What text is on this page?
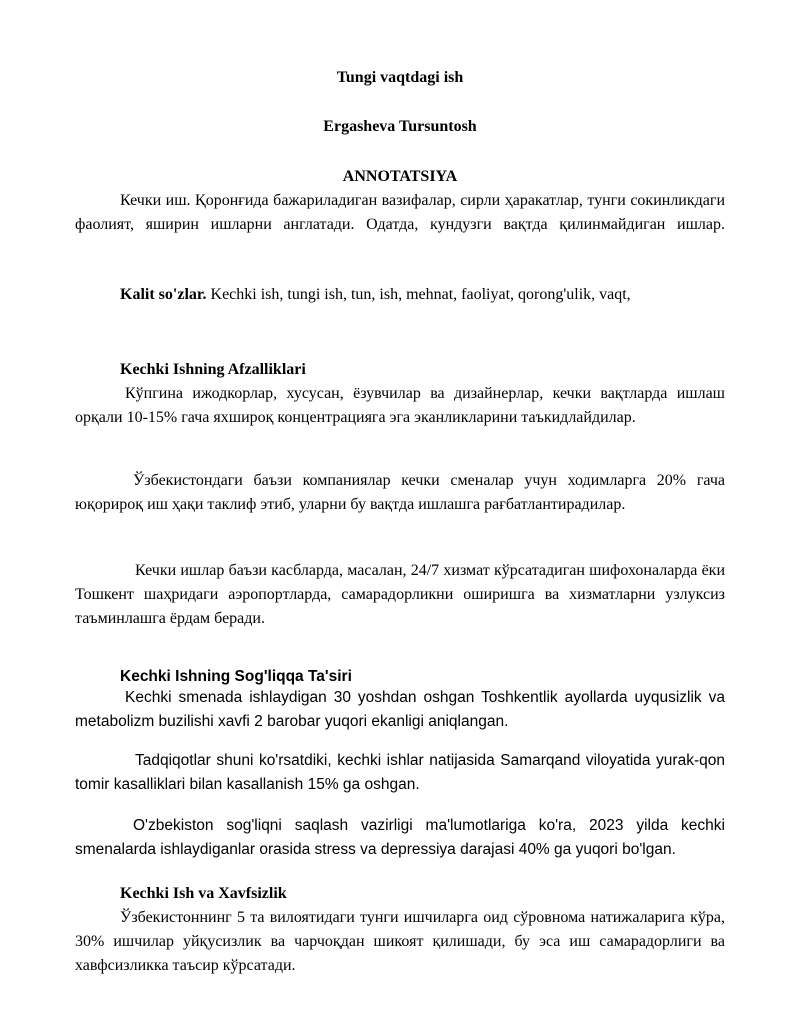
Tungi vaqtdagi ish
Ergasheva Tursuntosh
ANNOTATSIYA
Кечки иш. Қоронғида бажариладиган вазифалар, сирли ҳаракатлар, тунги сокинликдаги фаолият, яширин ишларни англатади. Одатда, кундузги вақтда қилинмайдиган ишлар.
Kalit so'zlar. Kechki ish, tungi ish, tun, ish, mehnat, faoliyat, qorong'ulik, vaqt,
Kechki Ishning Afzalliklari
Кўпгина ижодкорлар, хусусан, ёзувчилар ва дизайнерлар, кечки вақтларда ишлаш орқали 10-15% гача яхшироқ концентрацияга эга эканликларини таъкидлайдилар.
Ўзбекистондаги баъзи компаниялар кечки сменалар учун ходимларга 20% гача юқорироқ иш ҳақи таклиф этиб, уларни бу вақтда ишлашга рағбатлантирадилар.
Кечки ишлар баъзи касбларда, масалан, 24/7 хизмат кўрсатадиган шифохоналарда ёки Тошкент шаҳридаги аэропортларда, самарадорликни оширишга ва хизматларни узлуксиз таъминлашга ёрдам беради.
Kechki Ishning Sog'liqqa Ta'siri
Kechki smenada ishlaydigan 30 yoshdan oshgan Toshkentlik ayollarda uyqusizlik va metabolizm buzilishi xavfi 2 barobar yuqori ekanligi aniqlangan.
Tadqiqotlar shuni ko'rsatdiki, kechki ishlar natijasida Samarqand viloyatida yurak-qon tomir kasalliklari bilan kasallanish 15% ga oshgan.
O'zbekiston sog'liqni saqlash vazirligi ma'lumotlariga ko'ra, 2023 yilda kechki smenalarda ishlaydiganlar orasida stress va depressiya darajasi 40% ga yuqori bo'lgan.
Kechki Ish va Xavfsizlik
Ўзбекистоннинг 5 та вилоятидаги тунги ишчиларга оид сўровнома натижаларига кўра, 30% ишчилар уйқусизлик ва чарчоқдан шикоят қилишади, бу эса иш самарадорлиги ва хавфсизликка таъсир кўрсатади.
